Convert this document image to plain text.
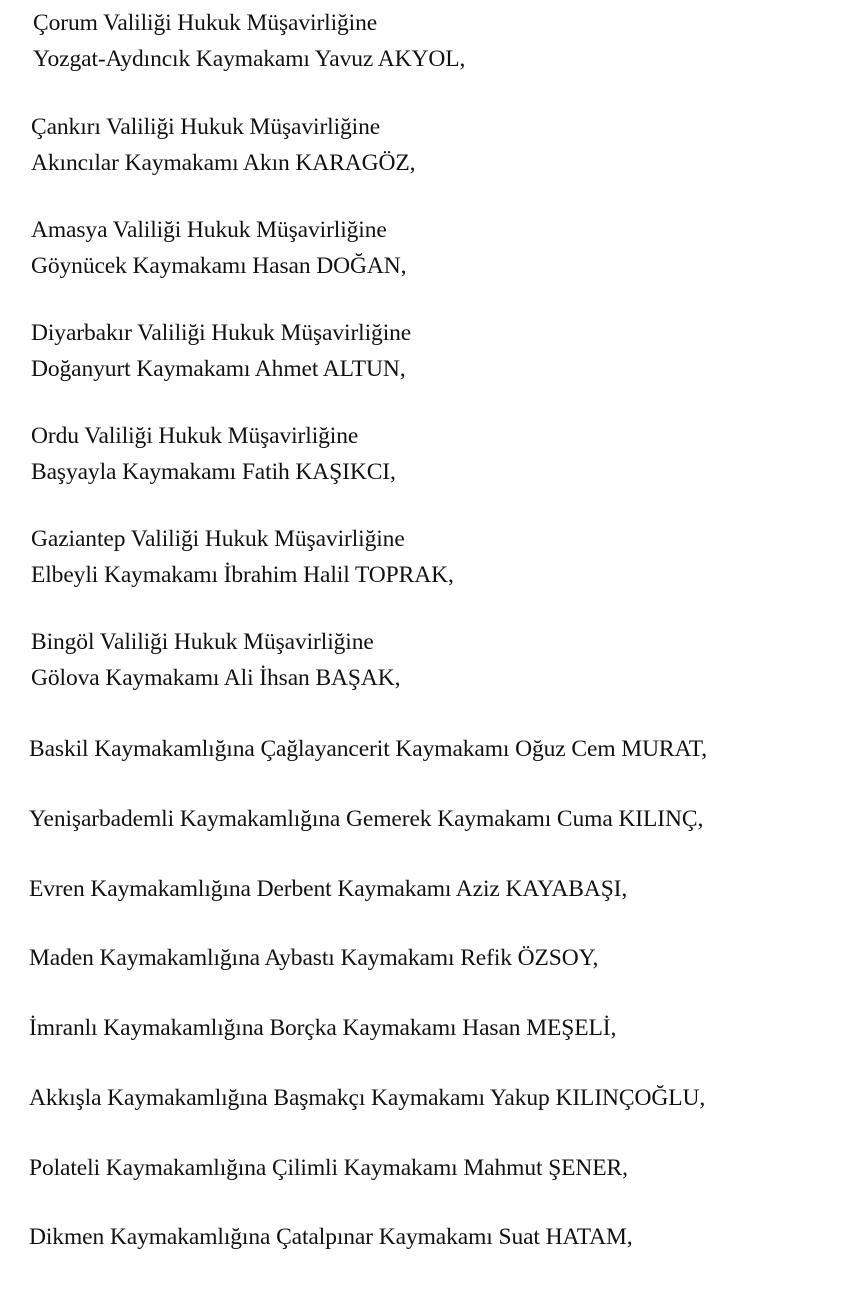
Çorum Valiliği Hukuk Müşavirliğine
Yozgat-Aydıncık Kaymakamı Yavuz AKYOL,
Çankırı Valiliği Hukuk Müşavirliğine
Akıncılar Kaymakamı Akın KARAGÖZ,
Amasya Valiliği Hukuk Müşavirliğine
Göynücek Kaymakamı Hasan DOĞAN,
Diyarbakır Valiliği Hukuk Müşavirliğine
Doğanyurt Kaymakamı Ahmet ALTUN,
Ordu Valiliği Hukuk Müşavirliğine
Başyayla Kaymakamı Fatih KAŞIKCI,
Gaziantep Valiliği Hukuk Müşavirliğine
Elbeyli Kaymakamı İbrahim Halil TOPRAK,
Bingöl Valiliği Hukuk Müşavirliğine
Gölova Kaymakamı Ali İhsan BAŞAK,
Baskil Kaymakamlığına Çağlayancerit Kaymakamı Oğuz Cem MURAT,
Yenişarbademli Kaymakamlığına Gemerek Kaymakamı Cuma KILINÇ,
Evren Kaymakamlığına Derbent Kaymakamı Aziz KAYABAŞI,
Maden Kaymakamlığına Aybastı Kaymakamı Refik ÖZSOY,
İmranlı Kaymakamlığına Borçka Kaymakamı Hasan MEŞELİ,
Akkışla Kaymakamlığına Başmakçı Kaymakamı Yakup KILINÇOĞLU,
Polateli Kaymakamlığına Çilimli Kaymakamı Mahmut ŞENER,
Dikmen Kaymakamlığına Çatalpınar Kaymakamı Suat HATAM,
